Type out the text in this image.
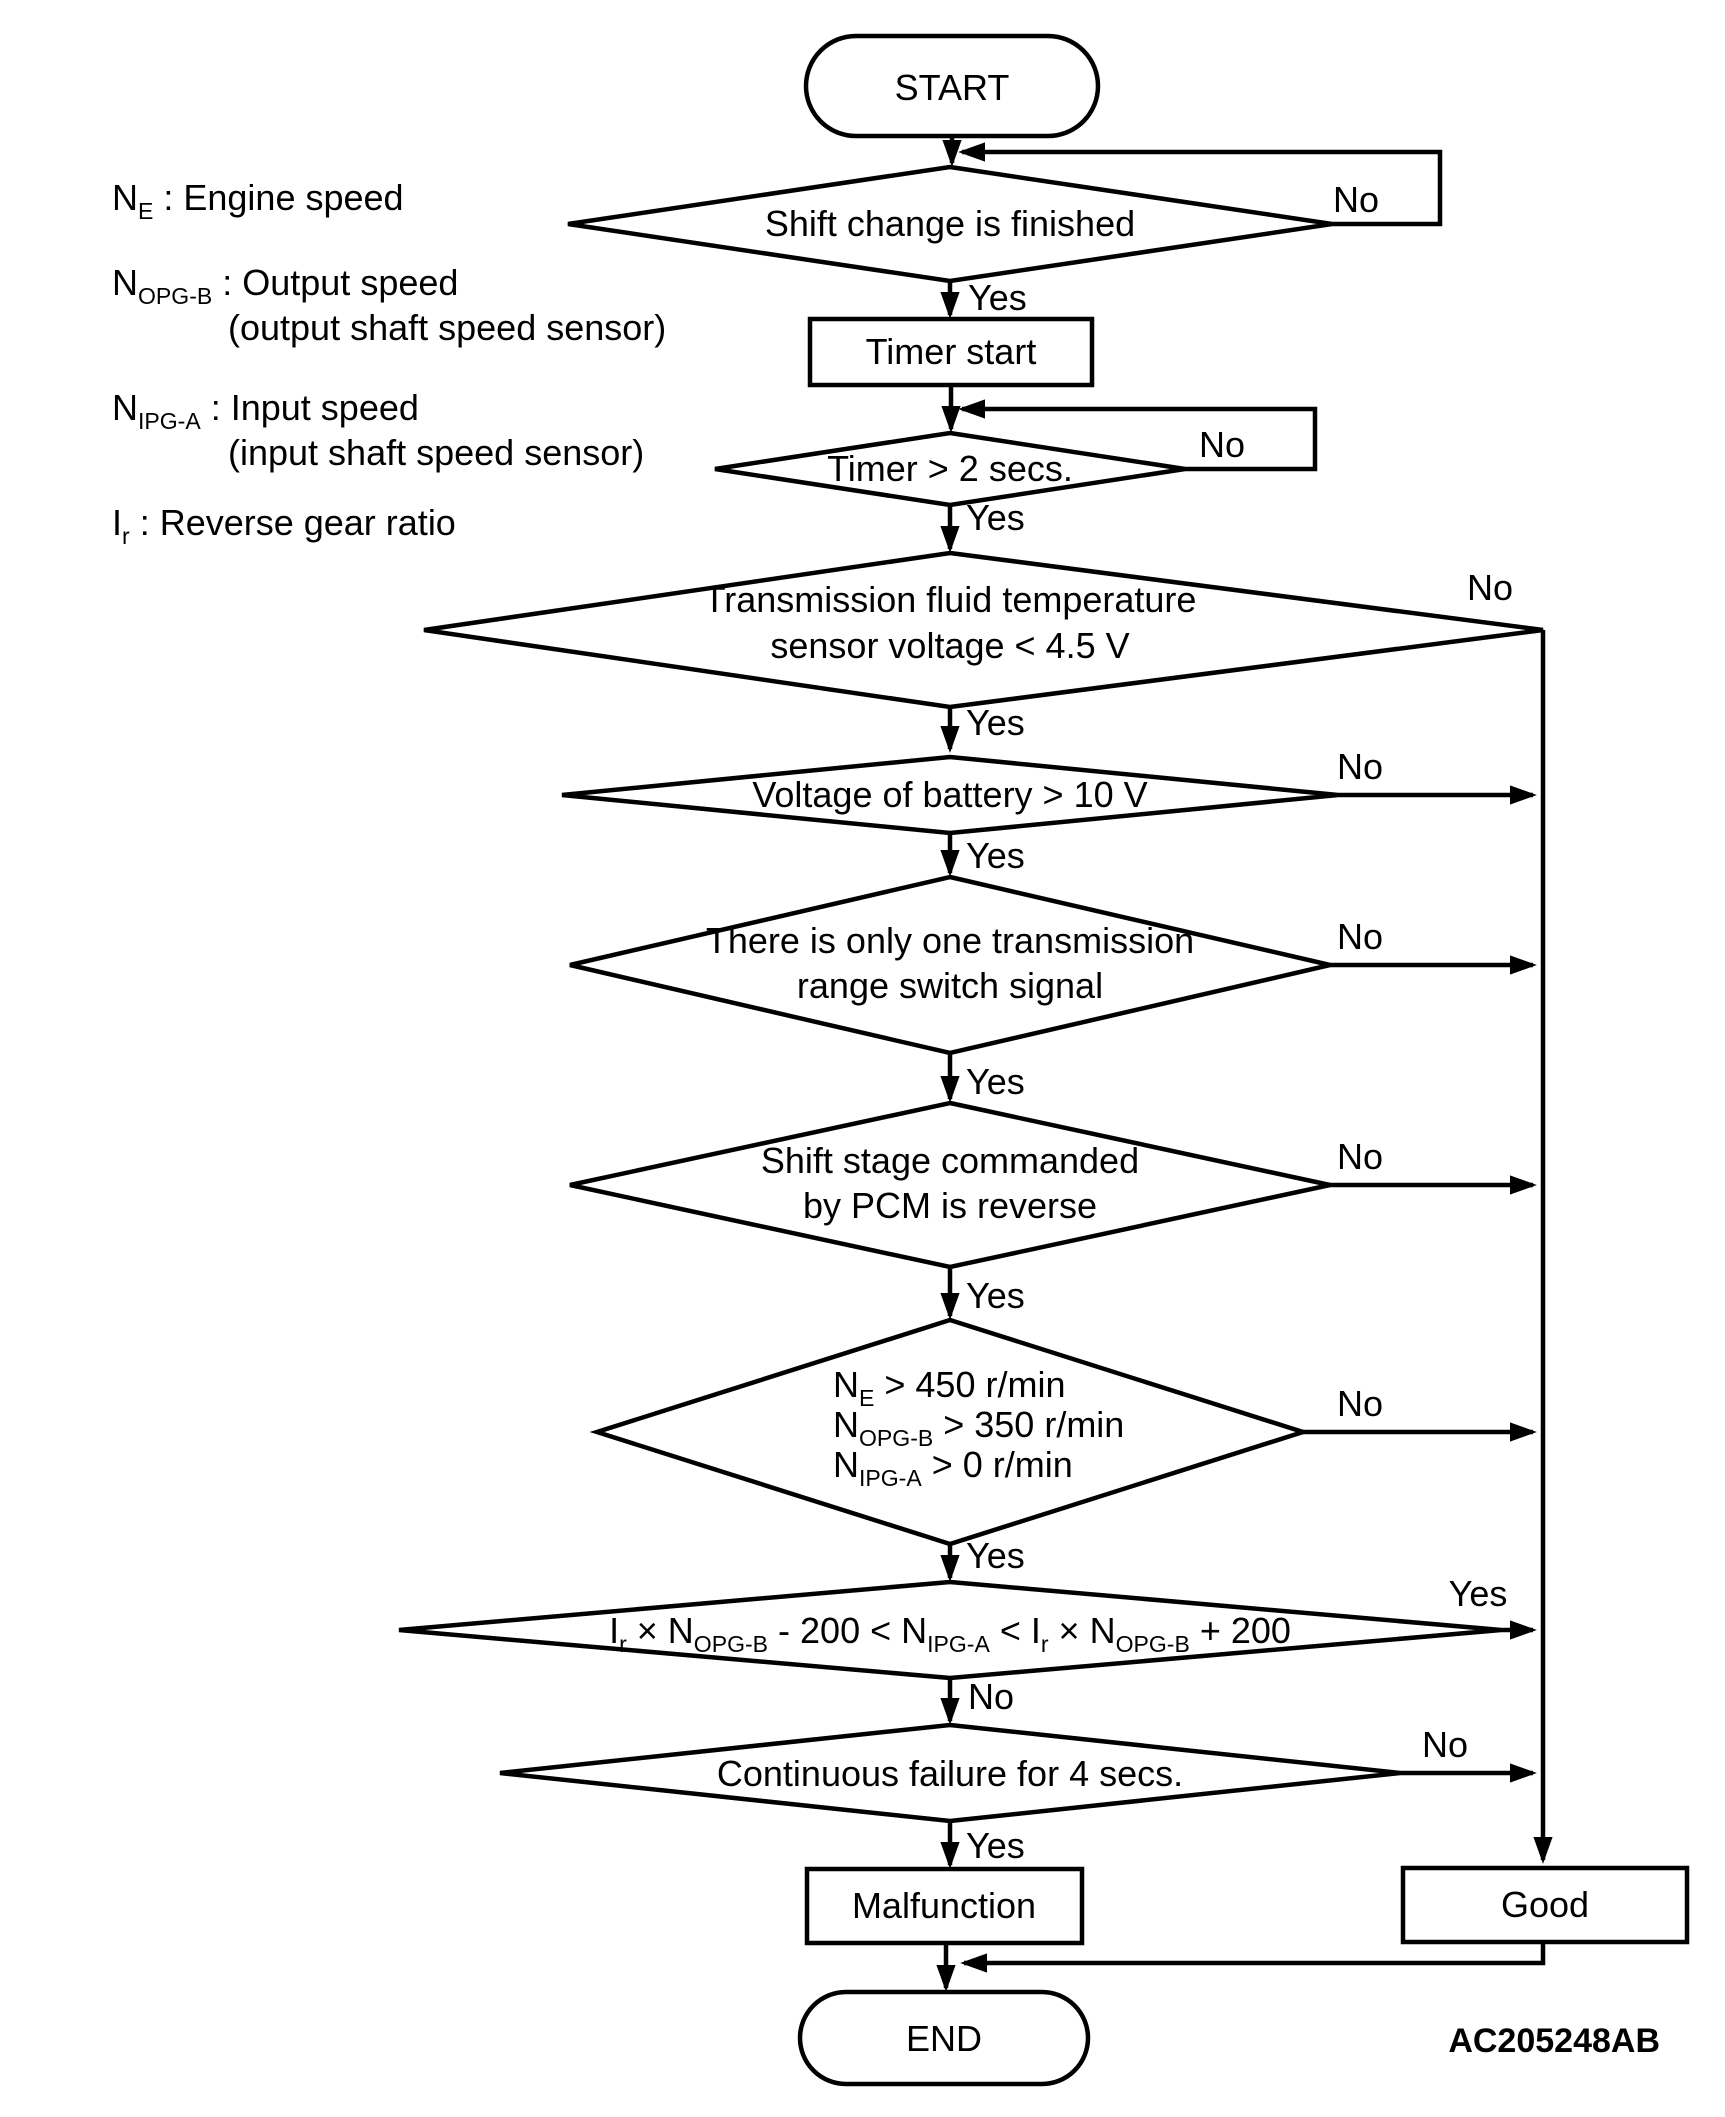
$N_E$ : Engine speed
$N_{OPG-B}$ : Output speed
(output shaft speed sensor)
$N_{IPG-A}$ : Input speed
(input shaft speed sensor)
$I_r$ : Reverse gear ratio
START
Shift change is finished
No
Yes
Timer start
Timer > 2 secs.
No
Yes
Transmission fluid temperature
sensor voltage < 4.5 V
No
Yes
Voltage of battery > 10 V
No
Yes
There is only one transmission
range switch signal
No
Yes
Shift stage commanded
by PCM is reverse
No
Yes
$N_E > 450$ r/min
$N_{OPG-B} > 350$ r/min
$N_{IPG-A} > 0$ r/min
No
Yes
$I_r \times N_{OPG-B} - 200 < N_{IPG-A} < I_r \times N_{OPG-B} + 200$
Yes
No
Continuous failure for 4 secs.
No
Yes
Malfunction	Good
END	AC205248AB
